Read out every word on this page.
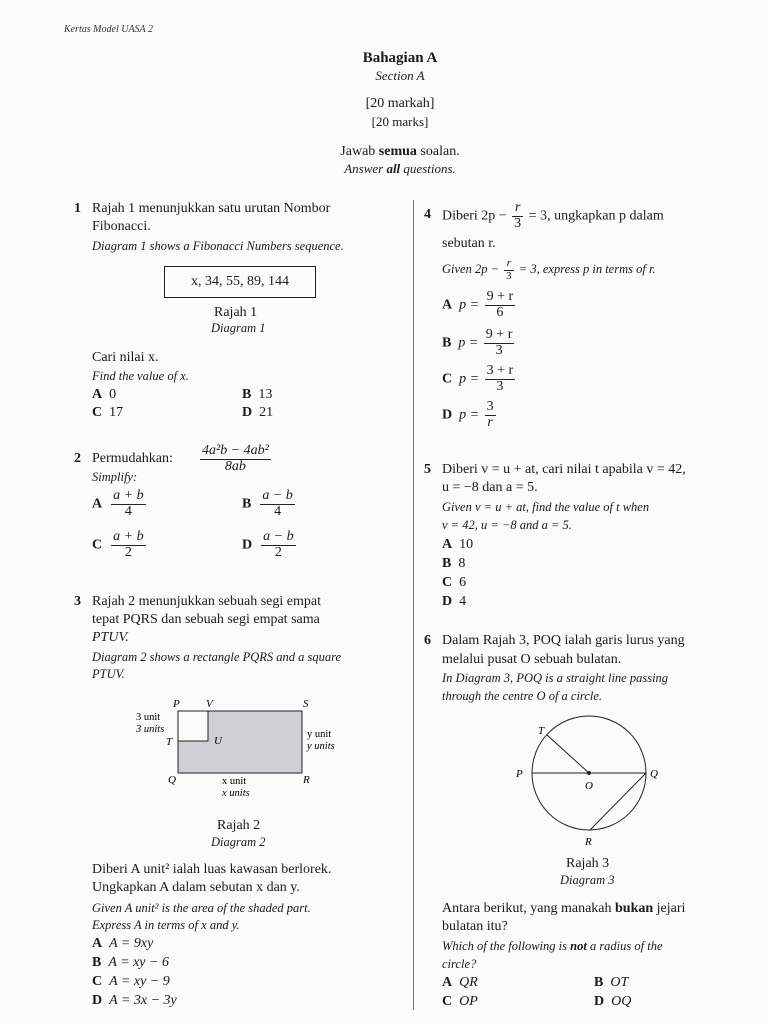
Kertas Model UASA 2
Bahagian A
Section A
[20 markah]
[20 marks]
Jawab semua soalan.
Answer all questions.
1 Rajah 1 menunjukkan satu urutan Nombor
Fibonacci.
Diagram 1 shows a Fibonacci Numbers sequence.
x, 34, 55, 89, 144
Rajah 1
Diagram 1
Cari nilai x.
Find the value of x.
A 0	B 13
C 17	D 21
2 Permudahkan:
Simplify:
$\frac{\text{4a²b − 4ab²}}{8ab}$
A $\frac{a + b}{4}$	B $\frac{a - b}{4}$
C $\frac{a + b}{2}$	D $\frac{a - b}{2}$
3 Rajah 2 menunjukkan sebuah segi empat
tepat PQRS dan sebuah segi empat sama
PTUV.
Diagram 2 shows a rectangle PQRS and a square
PTUV.
P V	S
T	U
Q	R
3 unit
3 units	y unit
y units
x unit
x units
Rajah 2
Diagram 2
Diberi A unit² ialah luas kawasan berlorek.
Ungkapkan A dalam sebutan x dan y.
Given A unit² is the area of the shaded part.
Express A in terms of x and y.
A A = 9xy
B A = xy − 6
C A = xy − 9
D A = 3x − 3y
4 Diberi $2p - \frac{r}{3} = 3$, ungkapkan p dalam
sebutan r.
Given $2p - \frac{r}{3} = 3$, express p in terms of r.
A $p = \frac{9 + r}{6}$
B $p = \frac{9 + r}{3}$
C $p = \frac{3 + r}{3}$
D $p = \frac{3}{r}$
5 Diberi v = u + at, cari nilai t apabila v = 42,
u = −8 dan a = 5.
Given v = u + at, find the value of t when
v = 42, u = −8 and a = 5.
A 10
B 8
C 6
D 4
6 Dalam Rajah 3, POQ ialah garis lurus yang
melalui pusat O sebuah bulatan.
In Diagram 3, POQ is a straight line passing
through the centre O of a circle.
T
P
O
Q
R
Rajah 3
Diagram 3
Antara berikut, yang manakah bukan jejari
bulatan itu?
Which of the following is not a radius of the
circle?
A QR	B OT
C OP	D OQ
